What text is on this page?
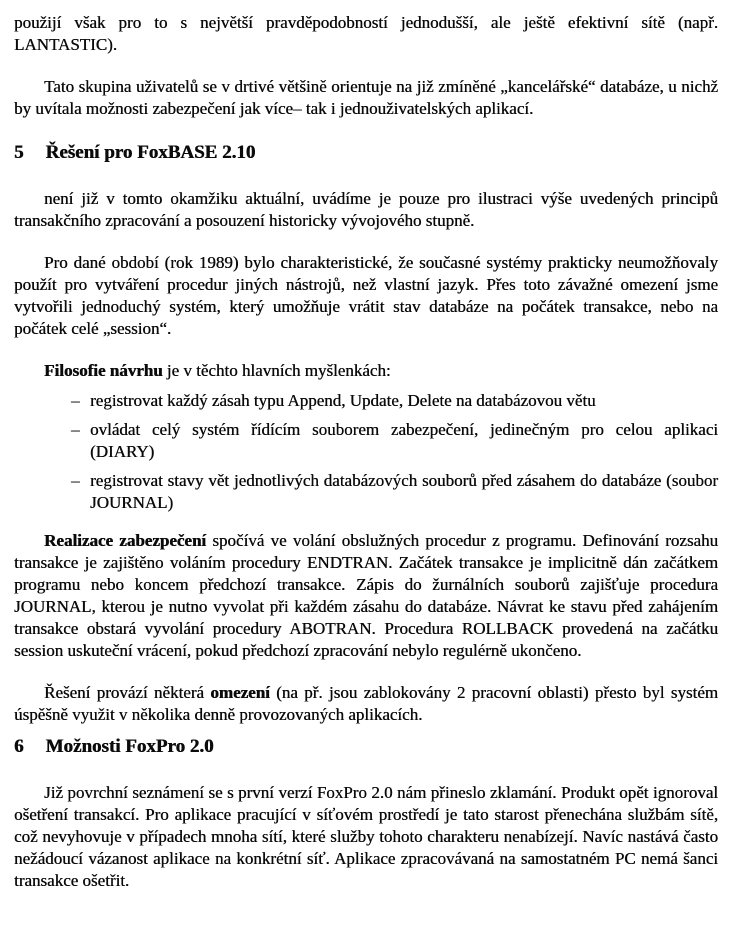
použijí však pro to s největší pravděpodobností jednodušší, ale ještě efektivní sítě (např. LANTASTIC).

Tato skupina uživatelů se v drtivé většině orientuje na již zmíněné „kancelářské“ databáze, u nichž by uvítala možnosti zabezpečení jak více– tak i jednouživatelských aplikací.

5 Řešení pro FoxBASE 2.10

není již v tomto okamžiku aktuální, uvádíme je pouze pro ilustraci výše uvedených principů transakčního zpracování a posouzení historicky vývojového stupně.

Pro dané období (rok 1989) bylo charakteristické, že současné systémy prakticky neumožňovaly použít pro vytváření procedur jiných nástrojů, než vlastní jazyk. Přes toto závažné omezení jsme vytvořili jednoduchý systém, který umožňuje vrátit stav databáze na počátek transakce, nebo na počátek celé „session“.

Filosofie návrhu je v těchto hlavních myšlenkách:

– registrovat každý zásah typu Append, Update, Delete na databázovou větu
– ovládat celý systém řídícím souborem zabezpečení, jedinečným pro celou aplikaci (DIARY)
– registrovat stavy vět jednotlivých databázových souborů před zásahem do databáze (soubor JOURNAL)

Realizace zabezpečení spočívá ve volání obslužných procedur z programu. Definování rozsahu transakce je zajištěno voláním procedury ENDTRAN. Začátek transakce je implicitně dán začátkem programu nebo koncem předchozí transakce. Zápis do žurnálních souborů zajišťuje procedura JOURNAL, kterou je nutno vyvolat při každém zásahu do databáze. Návrat ke stavu před zahájením transakce obstará vyvolání procedury ABOTRAN. Procedura ROLLBACK provedená na začátku session uskuteční vrácení, pokud předchozí zpracování nebylo regulérně ukončeno.

Řešení provází některá omezení (na př. jsou zablokovány 2 pracovní oblasti) přesto byl systém úspěšně využit v několika denně provozovaných aplikacích.

6 Možnosti FoxPro 2.0

Již povrchní seznámení se s první verzí FoxPro 2.0 nám přineslo zklamání. Produkt opět ignoroval ošetření transakcí. Pro aplikace pracující v síťovém prostředí je tato starost přenechána službám sítě, což nevyhovuje v případech mnoha sítí, které služby tohoto charakteru nenabízejí. Navíc nastává často nežádoucí vázanost aplikace na konkrétní síť. Aplikace zpracovávaná na samostatném PC nemá šanci transakce ošetřit.
